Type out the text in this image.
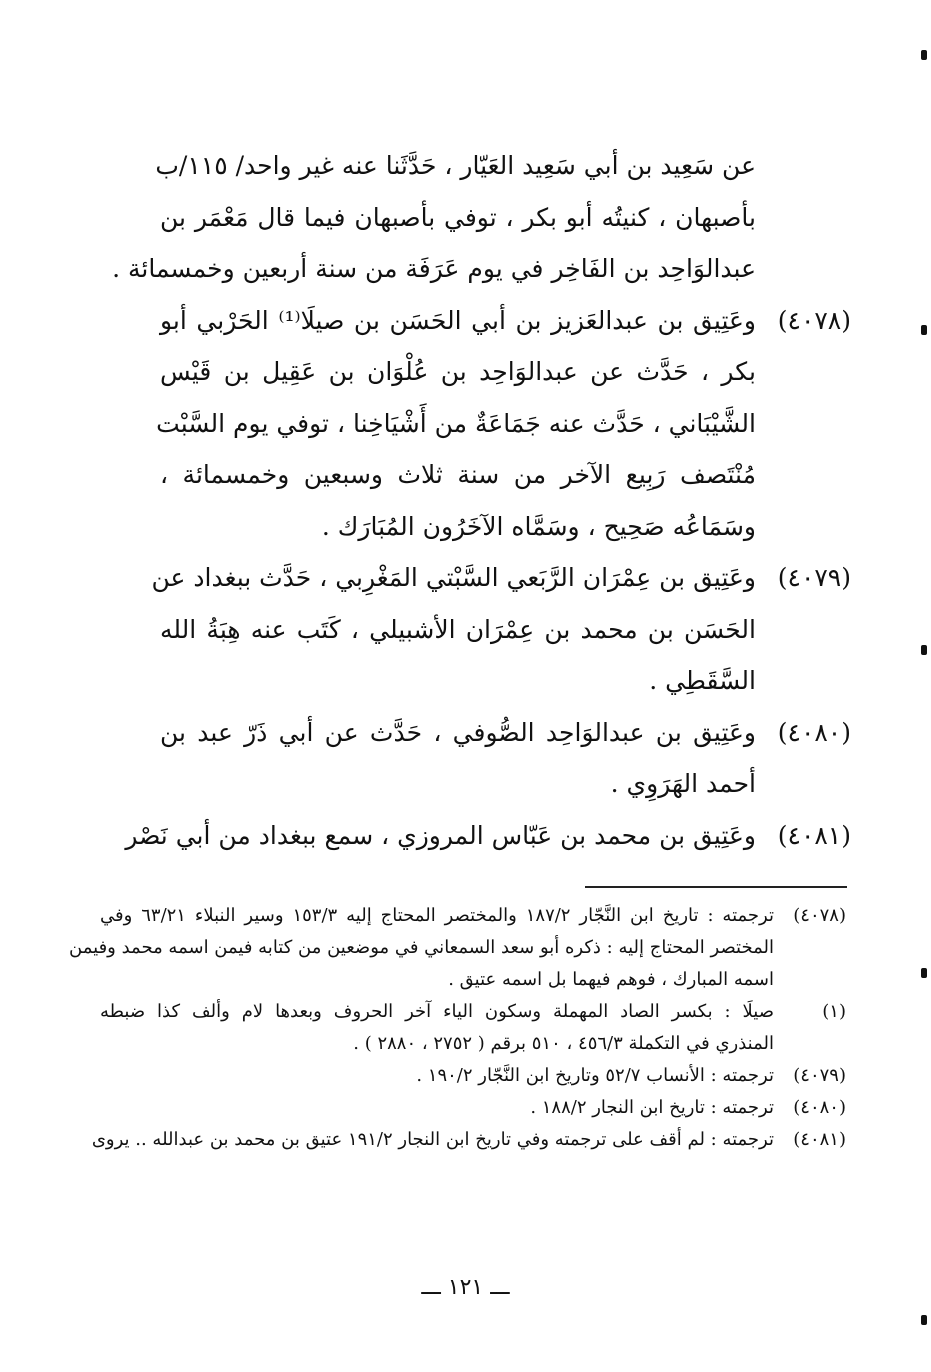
عن سَعِيد بن أبي سَعِيد العَيّار ، حَدَّثَنا عنه غير واحد/ ١١٥/ب
بأصبهان ، كنيتُه أبو بكر ، توفي بأصبهان فيما قال مَعْمَر بن
عبدالوَاحِد بن الفَاخِر في يوم عَرَفَة من سنة أربعين وخمسمائة .
(٤٠٧٨)
وعَتِيق بن عبدالعَزيز بن أبي الحَسَن بن صيلَا⁽¹⁾ الحَرْبي أبو
بكر ، حَدَّث عن عبدالوَاحِد بن عُلْوَان بن عَقِيل بن قَيْس
الشَّيْبَاني ، حَدَّث عنه جَمَاعَةٌ من أَشْيَاخِنا ، توفي يوم السَّبْت
مُنْتَصف رَبِيع الآخر من سنة ثلاث وسبعين وخمسمائة ،
وسَمَاعُه صَحِيح ، وسَمَّاه الآخَرُون المُبَارَك .
(٤٠٧٩)
وعَتِيق بن عِمْرَان الرَّبَعي السَّبْتي المَغْرِبي ، حَدَّث ببغداد عن
الحَسَن بن محمد بن عِمْرَان الأشبيلي ، كَتَب عنه هِبَةُ الله
السَّقَطِي .
(٤٠٨٠)
وعَتِيق بن عبدالوَاحِد الصُّوفي ، حَدَّث عن أبي ذَرّ عبد بن
أحمد الهَرَوِي .
(٤٠٨١)
وعَتِيق بن محمد بن عَبّاس المروزي ، سمع ببغداد من أبي نَصْر
(٤٠٧٨)
ترجمته : تاريخ ابن النَّجّار ١٨٧/٢ والمختصر المحتاج إليه ١٥٣/٣ وسير النبلاء ٦٣/٢١ وفي
المختصر المحتاج إليه : ذكره أبو سعد السمعاني في موضعين من كتابه فيمن اسمه محمد وفيمن
اسمه المبارك ، فوهم فيهما بل اسمه عتيق .
(١)
صيلَا : بكسر الصاد المهملة وسكون الياء آخر الحروف وبعدها لام وألف كذا ضبطه
المنذري في التكملة ٤٥٦/٣ ، ٥١٠ برقم ( ٢٧٥٢ ، ٢٨٨٠ ) .
(٤٠٧٩)
ترجمته : الأنساب ٥٢/٧ وتاريخ ابن النَّجّار ١٩٠/٢ .
(٤٠٨٠)
ترجمته : تاريخ ابن النجار ١٨٨/٢ .
(٤٠٨١)
ترجمته : لم أقف على ترجمته وفي تاريخ ابن النجار ١٩١/٢ عتيق بن محمد بن عبدالله .. يروى
ـــ ١٢١ ـــ
